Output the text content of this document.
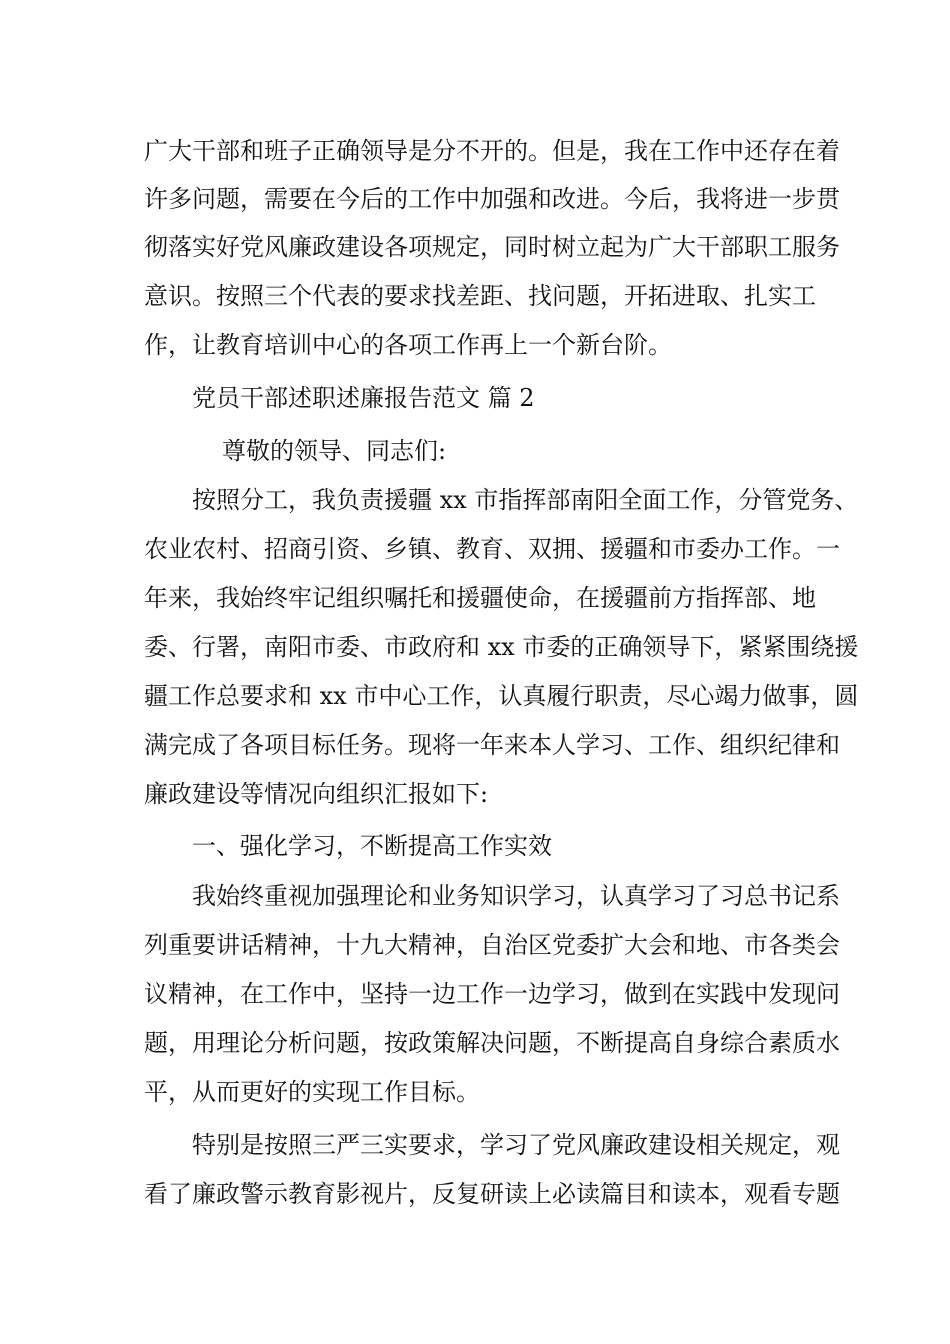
广大干部和班子正确领导是分不开的。但是，我在工作中还存在着
许多问题，需要在今后的工作中加强和改进。今后，我将进一步贯
彻落实好党风廉政建设各项规定，同时树立起为广大干部职工服务
意识。按照三个代表的要求找差距、找问题，开拓进取、扎实工
作，让教育培训中心的各项工作再上一个新台阶。
党员干部述职述廉报告范文 篇 2
尊敬的领导、同志们:
按照分工，我负责援疆 xx 市指挥部南阳全面工作，分管党务、
农业农村、招商引资、乡镇、教育、双拥、援疆和市委办工作。一
年来，我始终牢记组织嘱托和援疆使命，在援疆前方指挥部、地
委、行署，南阳市委、市政府和 xx 市委的正确领导下，紧紧围绕援
疆工作总要求和 xx 市中心工作，认真履行职责，尽心竭力做事，圆
满完成了各项目标任务。现将一年来本人学习、工作、组织纪律和
廉政建设等情况向组织汇报如下:
一、强化学习，不断提高工作实效
我始终重视加强理论和业务知识学习，认真学习了习总书记系
列重要讲话精神，十九大精神，自治区党委扩大会和地、市各类会
议精神，在工作中，坚持一边工作一边学习，做到在实践中发现问
题，用理论分析问题，按政策解决问题，不断提高自身综合素质水
平，从而更好的实现工作目标。
特别是按照三严三实要求，学习了党风廉政建设相关规定，观
看了廉政警示教育影视片，反复研读上必读篇目和读本，观看专题
